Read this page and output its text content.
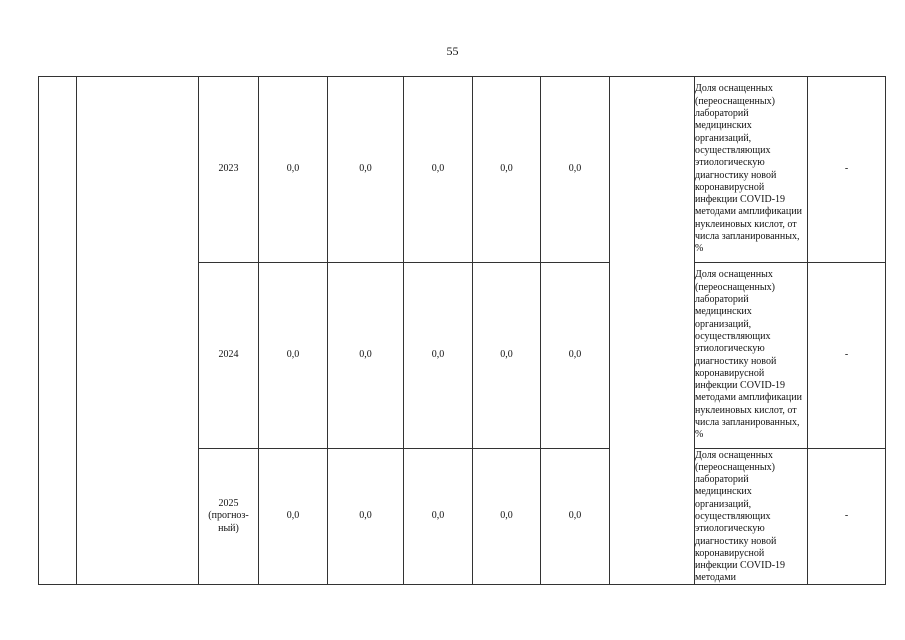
55
		2023	0,0	0,0	0,0	0,0	0,0		Доля оснащенных (переоснащенных) лабораторий медицинских организаций, осуществляющих этиологическую диагностику новой коронавирусной инфекции COVID-19 методами амплификации нуклеиновых кислот, от числа запланированных, %	-
		2024	0,0	0,0	0,0	0,0	0,0		Доля оснащенных (переоснащенных) лабораторий медицинских организаций, осуществляющих этиологическую диагностику новой коронавирусной инфекции COVID-19 методами амплификации нуклеиновых кислот, от числа запланированных, %	-
		2025 (прогноз-ный)	0,0	0,0	0,0	0,0	0,0		Доля оснащенных (переоснащенных) лабораторий медицинских организаций, осуществляющих этиологическую диагностику новой коронавирусной инфекции COVID-19 методами	-
